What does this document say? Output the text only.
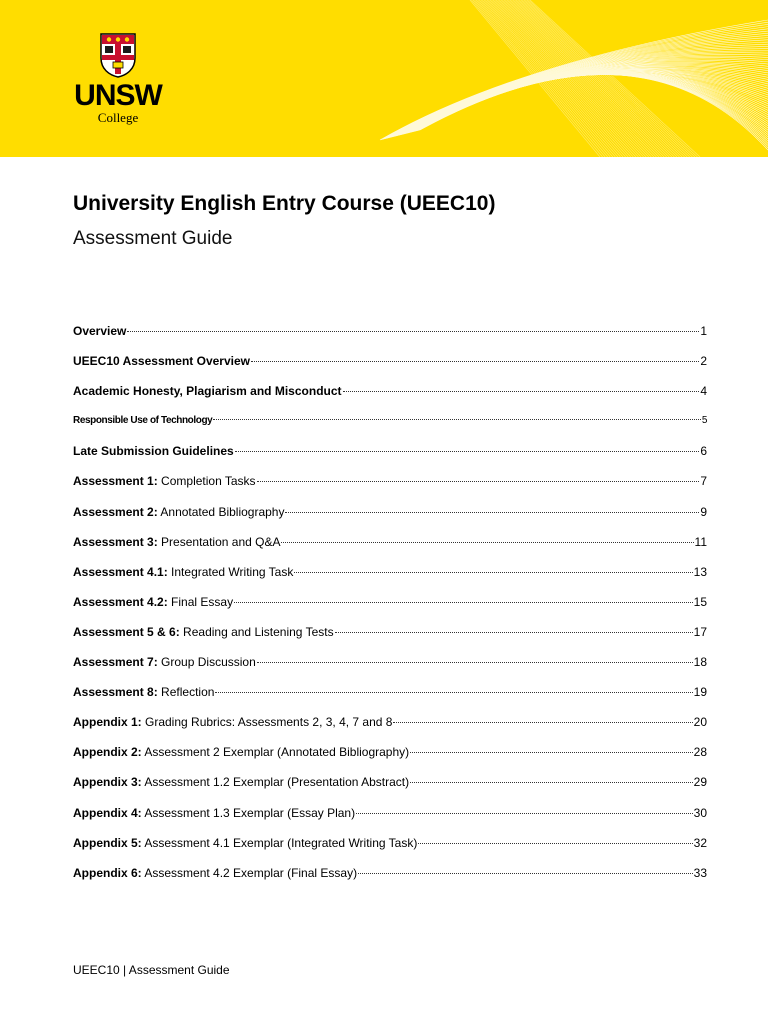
UNSW
College
University English Entry Course (UEEC10)
Assessment Guide
Overview	1
UEEC10 Assessment Overview	2
Academic Honesty, Plagiarism and Misconduct	4
Responsible Use of Technology	5
Late Submission Guidelines	6
Assessment 1: Completion Tasks	7
Assessment 2: Annotated Bibliography	9
Assessment 3: Presentation and Q&A	11
Assessment 4.1: Integrated Writing Task	13
Assessment 4.2: Final Essay	15
Assessment 5 & 6: Reading and Listening Tests	17
Assessment 7: Group Discussion	18
Assessment 8: Reflection	19
Appendix 1: Grading Rubrics: Assessments 2, 3, 4, 7 and 8	20
Appendix 2: Assessment 2 Exemplar (Annotated Bibliography)	28
Appendix 3: Assessment 1.2 Exemplar (Presentation Abstract)	29
Appendix 4: Assessment 1.3 Exemplar (Essay Plan)	30
Appendix 5: Assessment 4.1 Exemplar (Integrated Writing Task)	32
Appendix 6: Assessment 4.2 Exemplar (Final Essay)	33
UEEC10 | Assessment Guide
